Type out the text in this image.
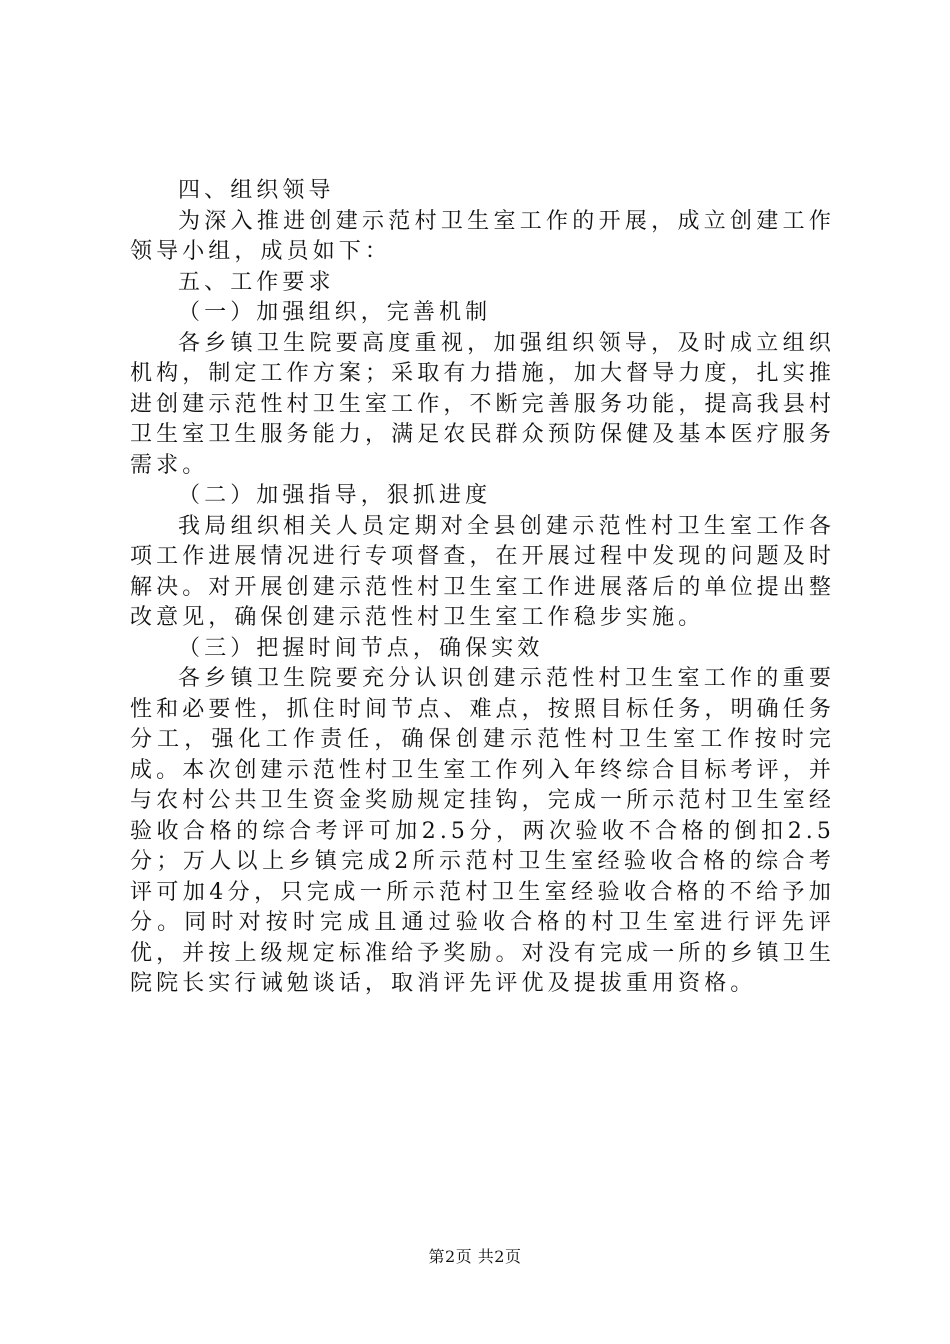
四、组织领导

为深入推进创建示范村卫生室工作的开展，成立创建工作领导小组，成员如下：

五、工作要求

（一）加强组织，完善机制

各乡镇卫生院要高度重视，加强组织领导，及时成立组织机构，制定工作方案；采取有力措施，加大督导力度，扎实推进创建示范性村卫生室工作，不断完善服务功能，提高我县村卫生室卫生服务能力，满足农民群众预防保健及基本医疗服务需求。

（二）加强指导，狠抓进度

我局组织相关人员定期对全县创建示范性村卫生室工作各项工作进展情况进行专项督查，在开展过程中发现的问题及时解决。对开展创建示范性村卫生室工作进展落后的单位提出整改意见，确保创建示范性村卫生室工作稳步实施。

（三）把握时间节点，确保实效

各乡镇卫生院要充分认识创建示范性村卫生室工作的重要性和必要性，抓住时间节点、难点，按照目标任务，明确任务分工，强化工作责任，确保创建示范性村卫生室工作按时完成。本次创建示范性村卫生室工作列入年终综合目标考评，并与农村公共卫生资金奖励规定挂钩，完成一所示范村卫生室经验收合格的综合考评可加2.5分，两次验收不合格的倒扣2.5分；万人以上乡镇完成2所示范村卫生室经验收合格的综合考评可加4分，只完成一所示范村卫生室经验收合格的不给予加分。同时对按时完成且通过验收合格的村卫生室进行评先评优，并按上级规定标准给予奖励。对没有完成一所的乡镇卫生院院长实行诫勉谈话，取消评先评优及提拔重用资格。

第2页 共2页
